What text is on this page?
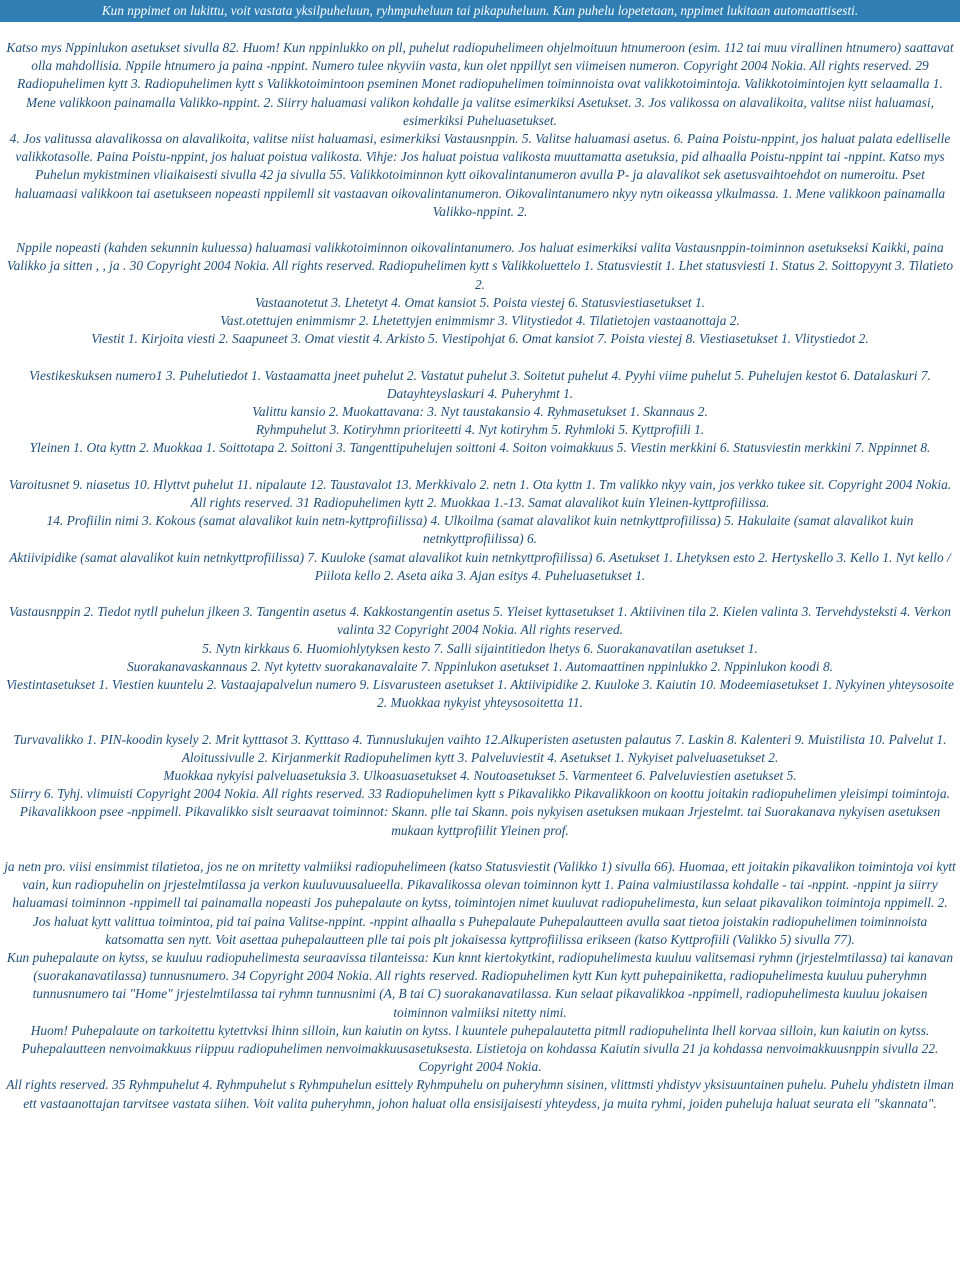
Kun nppimet on lukittu, voit vastata yksilpuheluun, ryhmpuheluun tai pikapuheluun. Kun puhelu lopetetaan, nppimet lukitaan automaattisesti.

Katso mys Nppinlukon asetukset sivulla 82. Huom! Kun nppinlukko on pll, puhelut radiopuhelimeen ohjelmoituun htnumeroon (esim. 112 tai muu virallinen htnumero) saattavat olla mahdollisia. Nppile htnumero ja paina -nppint. Numero tulee nkyviin vasta, kun olet nppillyt sen viimeisen numeron. Copyright 2004 Nokia. All rights reserved. 29 Radiopuhelimen kytt 3. Radiopuhelimen kytt s Valikkotoimintoon pseminen Monet radiopuhelimen toiminnoista ovat valikkotoimintoja. Valikkotoimintojen kytt selaamalla 1.

Mene valikkoon painamalla Valikko-nppint. 2. Siirry haluamasi valikon kohdalle ja valitse esimerkiksi Asetukset. 3. Jos valikossa on alavalikoita, valitse niist haluamasi, esimerkiksi Puheluasetukset.

4. Jos valitussa alavalikossa on alavalikoita, valitse niist haluamasi, esimerkiksi Vastausnppin. 5. Valitse haluamasi asetus. 6. Paina Poistu-nppint, jos haluat palata edelliselle valikkotasolle. Paina Poistu-nppint, jos haluat poistua valikosta. Vihje: Jos haluat poistua valikosta muuttamatta asetuksia, pid alhaalla Poistu-nppint tai -nppint. Katso mys Puhelun mykistminen vliaikaisesti sivulla 42 ja sivulla 55. Valikkotoiminnon kytt oikovalintanumeron avulla P- ja alavalikot sek asetusvaihtoehdot on numeroitu. Pset haluamaasi valikkoon tai asetukseen nopeasti nppilemll sit vastaavan oikovalintanumeron. Oikovalintanumero nkyy nytn oikeassa ylkulmassa. 1. Mene valikkoon painamalla Valikko-nppint. 2.

Nppile nopeasti (kahden sekunnin kuluessa) haluamasi valikkotoiminnon oikovalintanumero. Jos haluat esimerkiksi valita Vastausnppin-toiminnon asetukseksi Kaikki, paina Valikko ja sitten , , ja . 30 Copyright 2004 Nokia. All rights reserved. Radiopuhelimen kytt s Valikkoluettelo 1. Statusviestit 1. Lhet statusviesti 1. Status 2. Soittopyynt 3. Tilatieto 2.

Vastaanotetut 3. Lhetetyt 4. Omat kansiot 5. Poista viestej 6. Statusviestiasetukset 1.

Vast.otettujen enimmismr 2. Lhetettyjen enimmismr 3. Vlitystiedot 4. Tilatietojen vastaanottaja 2.

Viestit 1. Kirjoita viesti 2. Saapuneet 3. Omat viestit 4. Arkisto 5. Viestipohjat 6. Omat kansiot 7. Poista viestej 8. Viestiasetukset 1. Vlitystiedot 2.

Viestikeskuksen numero1 3. Puhelutiedot 1. Vastaamatta jneet puhelut 2. Vastatut puhelut 3. Soitetut puhelut 4. Pyyhi viime puhelut 5. Puhelujen kestot 6. Datalaskuri 7. Datayhteyslaskuri 4. Puheryhmt 1.

Valittu kansio 2. Muokattavana: 3. Nyt taustakansio 4. Ryhmasetukset 1. Skannaus 2.

Ryhmpuhelut 3. Kotiryhmn prioriteetti 4. Nyt kotiryhm 5. Ryhmloki 5. Kyttprofiili 1.

Yleinen 1. Ota kyttn 2. Muokkaa 1. Soittotapa 2. Soittoni 3. Tangenttipuhelujen soittoni 4. Soiton voimakkuus 5. Viestin merkkini 6. Statusviestin merkkini 7. Nppinnet 8.

Varoitusnet 9. niasetus 10. Hlyttvt puhelut 11. nipalaute 12. Taustavalot 13. Merkkivalo 2. netn 1. Ota kyttn 1. Tm valikko nkyy vain, jos verkko tukee sit. Copyright 2004 Nokia.

All rights reserved. 31 Radiopuhelimen kytt 2. Muokkaa 1.-13. Samat alavalikot kuin Yleinen-kyttprofiilissa.

14. Profiilin nimi 3. Kokous (samat alavalikot kuin netn-kyttprofiilissa) 4. Ulkoilma (samat alavalikot kuin netnkyttprofiilissa) 5. Hakulaite (samat alavalikot kuin netnkyttprofiilissa) 6.

Aktiivipidike (samat alavalikot kuin netnkyttprofiilissa) 7. Kuuloke (samat alavalikot kuin netnkyttprofiilissa) 6. Asetukset 1. Lhetyksen esto 2. Hertyskello 3. Kello 1. Nyt kello / Piilota kello 2. Aseta aika 3. Ajan esitys 4. Puheluasetukset 1.

Vastausnppin 2. Tiedot nytll puhelun jlkeen 3. Tangentin asetus 4. Kakkostangentin asetus 5. Yleiset kyttasetukset 1. Aktiivinen tila 2. Kielen valinta 3. Tervehdysteksti 4. Verkon valinta 32 Copyright 2004 Nokia. All rights reserved.

5. Nytn kirkkaus 6. Huomiohlytyksen kesto 7. Salli sijaintitiedon lhetys 6. Suorakanavatilan asetukset 1.

Suorakanavaskannaus 2. Nyt kytettv suorakanavalaite 7. Nppinlukon asetukset 1. Automaattinen nppinlukko 2. Nppinlukon koodi 8.

Viestintasetukset 1. Viestien kuuntelu 2. Vastaajapalvelun numero 9. Lisvarusteen asetukset 1. Aktiivipidike 2. Kuuloke 3. Kaiutin 10. Modeemiasetukset 1. Nykyinen yhteysosoite 2. Muokkaa nykyist yhteysosoitetta 11.

Turvavalikko 1. PIN-koodin kysely 2. Mrit kytttasot 3. Kytttaso 4. Tunnuslukujen vaihto 12.Alkuperisten asetusten palautus 7. Laskin 8. Kalenteri 9. Muistilista 10. Palvelut 1.

Aloitussivulle 2. Kirjanmerkit Radiopuhelimen kytt 3. Palveluviestit 4. Asetukset 1. Nykyiset palveluasetukset 2.

Muokkaa nykyisi palveluasetuksia 3. Ulkoasuasetukset 4. Noutoasetukset 5. Varmenteet 6. Palveluviestien asetukset 5.

Siirry 6. Tyhj. vlimuisti Copyright 2004 Nokia. All rights reserved. 33 Radiopuhelimen kytt s Pikavalikko Pikavalikkoon on koottu joitakin radiopuhelimen yleisimpi toimintoja. Pikavalikkoon psee -nppimell. Pikavalikko sislt seuraavat toiminnot: Skann. plle tai Skann. pois nykyisen asetuksen mukaan Jrjestelmt. tai Suorakanava nykyisen asetuksen mukaan kyttprofiilit Yleinen prof.

ja netn pro. viisi ensimmist tilatietoa, jos ne on mritetty valmiiksi radiopuhelimeen (katso Statusviestit (Valikko 1) sivulla 66). Huomaa, ett joitakin pikavalikon toimintoja voi kytt vain, kun radiopuhelin on jrjestelmtilassa ja verkon kuuluvuusalueella. Pikavalikossa olevan toiminnon kytt 1. Paina valmiustilassa kohdalle - tai -nppint. -nppint ja siirry haluamasi toiminnon -nppimell tai painamalla nopeasti Jos puhepalaute on kytss, toimintojen nimet kuuluvat radiopuhelimesta, kun selaat pikavalikon toimintoja nppimell. 2. Jos haluat kytt valittua toimintoa, pid tai paina Valitse-nppint. -nppint alhaalla s Puhepalaute Puhepalautteen avulla saat tietoa joistakin radiopuhelimen toiminnoista katsomatta sen nytt. Voit asettaa puhepalautteen plle tai pois plt jokaisessa kyttprofiilissa erikseen (katso Kyttprofiili (Valikko 5) sivulla 77).

Kun puhepalaute on kytss, se kuuluu radiopuhelimesta seuraavissa tilanteissa: Kun knnt kiertokytkint, radiopuhelimesta kuuluu valitsemasi ryhmn (jrjestelmtilassa) tai kanavan (suorakanavatilassa) tunnusnumero. 34 Copyright 2004 Nokia. All rights reserved. Radiopuhelimen kytt Kun kytt puhepainiketta, radiopuhelimesta kuuluu puheryhmn tunnusnumero tai "Home" jrjestelmtilassa tai ryhmn tunnusnimi (A, B tai C) suorakanavatilassa. Kun selaat pikavalikkoa -nppimell, radiopuhelimesta kuuluu jokaisen toiminnon valmiiksi nitetty nimi.

Huom! Puhepalaute on tarkoitettu kytettvksi lhinn silloin, kun kaiutin on kytss. l kuuntele puhepalautetta pitmll radiopuhelinta lhell korvaa silloin, kun kaiutin on kytss. Puhepalautteen nenvoimakkuus riippuu radiopuhelimen nenvoimakkuusasetuksesta. Listietoja on kohdassa Kaiutin sivulla 21 ja kohdassa nenvoimakkuusnppin sivulla 22. Copyright 2004 Nokia.

All rights reserved. 35 Ryhmpuhelut 4. Ryhmpuhelut s Ryhmpuhelun esittely Ryhmpuhelu on puheryhmn sisinen, vlittmsti yhdistyv yksisuuntainen puhelu. Puhelu yhdistetn ilman ett vastaanottajan tarvitsee vastata siihen. Voit valita puheryhmn, johon haluat olla ensisijaisesti yhteydess, ja muita ryhmi, joiden puheluja haluat seurata eli "skannata".
